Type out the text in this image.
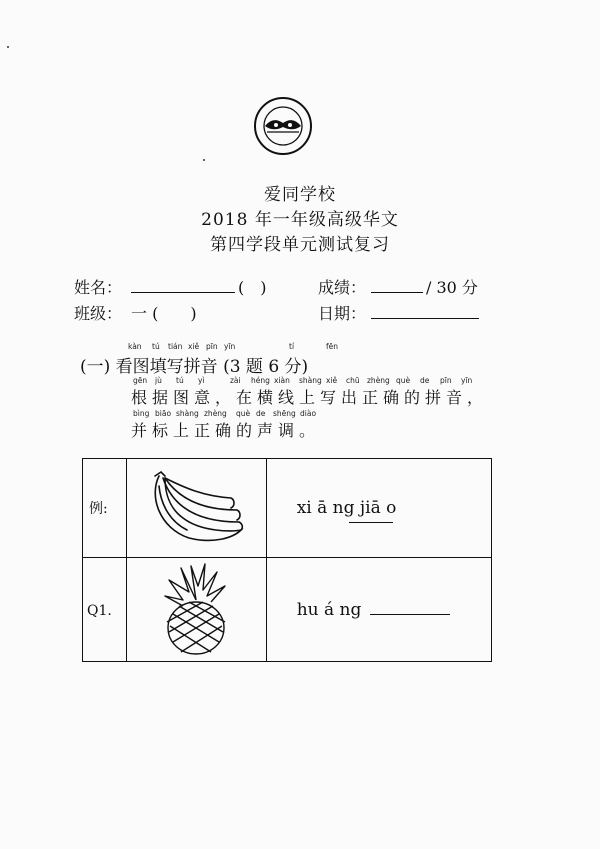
爱同学校
2018 年一年级高级华文
第四学段单元测试复习
姓名：	(　)	成绩：	/ 30 分
班级： 一 (　　)	日期：
kàn tú tián xiě pīn yīn	tí	fēn
(一) 看图填写拼音 (3 题 6 分)
gēn jù tú yì	zài héng xiàn shàng xiě chū zhèng què de pīn yīn
根据图意，在横线上写出正确的拼音，
bìng biāo shàng zhèng què de shēng diào
并标上正确的声调。
例:		xi ā ng jiā o
Q1.		hu á ng
